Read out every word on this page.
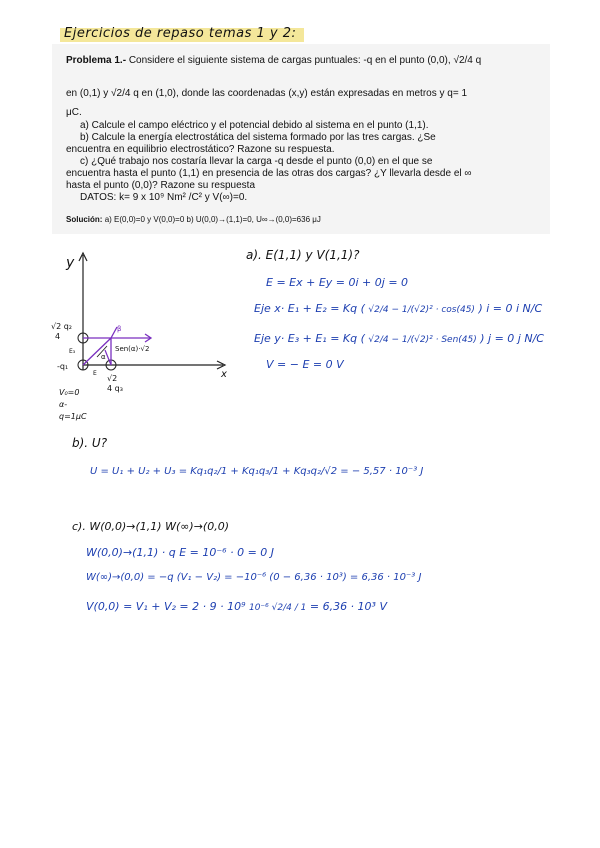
Ejercicios de repaso temas 1 y 2:
Problema 1.- Considere el siguiente sistema de cargas puntuales: -q en el punto (0,0), √2/4 q
en (0,1) y √2/4 q en (1,0), donde las coordenadas (x,y) están expresadas en metros y q= 1
μC.
a) Calcule el campo eléctrico y el potencial debido al sistema en el punto (1,1).
b) Calcule la energía electrostática del sistema formado por las tres cargas. ¿Se
encuentra en equilibrio electrostático? Razone su respuesta.
c) ¿Qué trabajo nos costaría llevar la carga -q desde el punto (0,0) en el que se
encuentra hasta el punto (1,1) en presencia de las otras dos cargas? ¿Y llevarla desde el ∞
hasta el punto (0,0)? Razone su respuesta
DATOS: k= 9 x 10⁹ Nm² /C² y V(∞)=0.
Solución: a) E(0,0)=0 y V(0,0)=0 b) U(0,0)→(1,1)=0, U∞→(0,0)=636 μJ
y
x
√2 q₂
4
√2
4 q₃
-q₁
E₃
E
α
β
Sen(α)·√2
V₀=0
α-
q=1μC
a). E(1,1) y V(1,1)?
E = Ex + Ey = 0i + 0j = 0
Eje x· E₁ + E₂ = Kq ( √2/4 − 1/(√2)² · cos(45) ) i = 0 i N/C
Eje y· E₃ + E₁ = Kq ( √2/4 − 1/(√2)² · Sen(45) ) j = 0 j N/C
V = − E = 0 V
b). U?
U = U₁ + U₂ + U₃ = Kq₁q₂/1 + Kq₁q₃/1 + Kq₃q₂/√2 = − 5,57 · 10⁻³ J
c). W(0,0)→(1,1) W(∞)→(0,0)
W(0,0)→(1,1) · q E = 10⁻⁶ · 0 = 0 J
W(∞)→(0,0) = −q (V₁ − V₂) = −10⁻⁶ (0 − 6,36 · 10³) = 6,36 · 10⁻³ J
V(0,0) = V₁ + V₂ = 2 · 9 · 10⁹ 10⁻⁶ √2/4 / 1 = 6,36 · 10³ V
